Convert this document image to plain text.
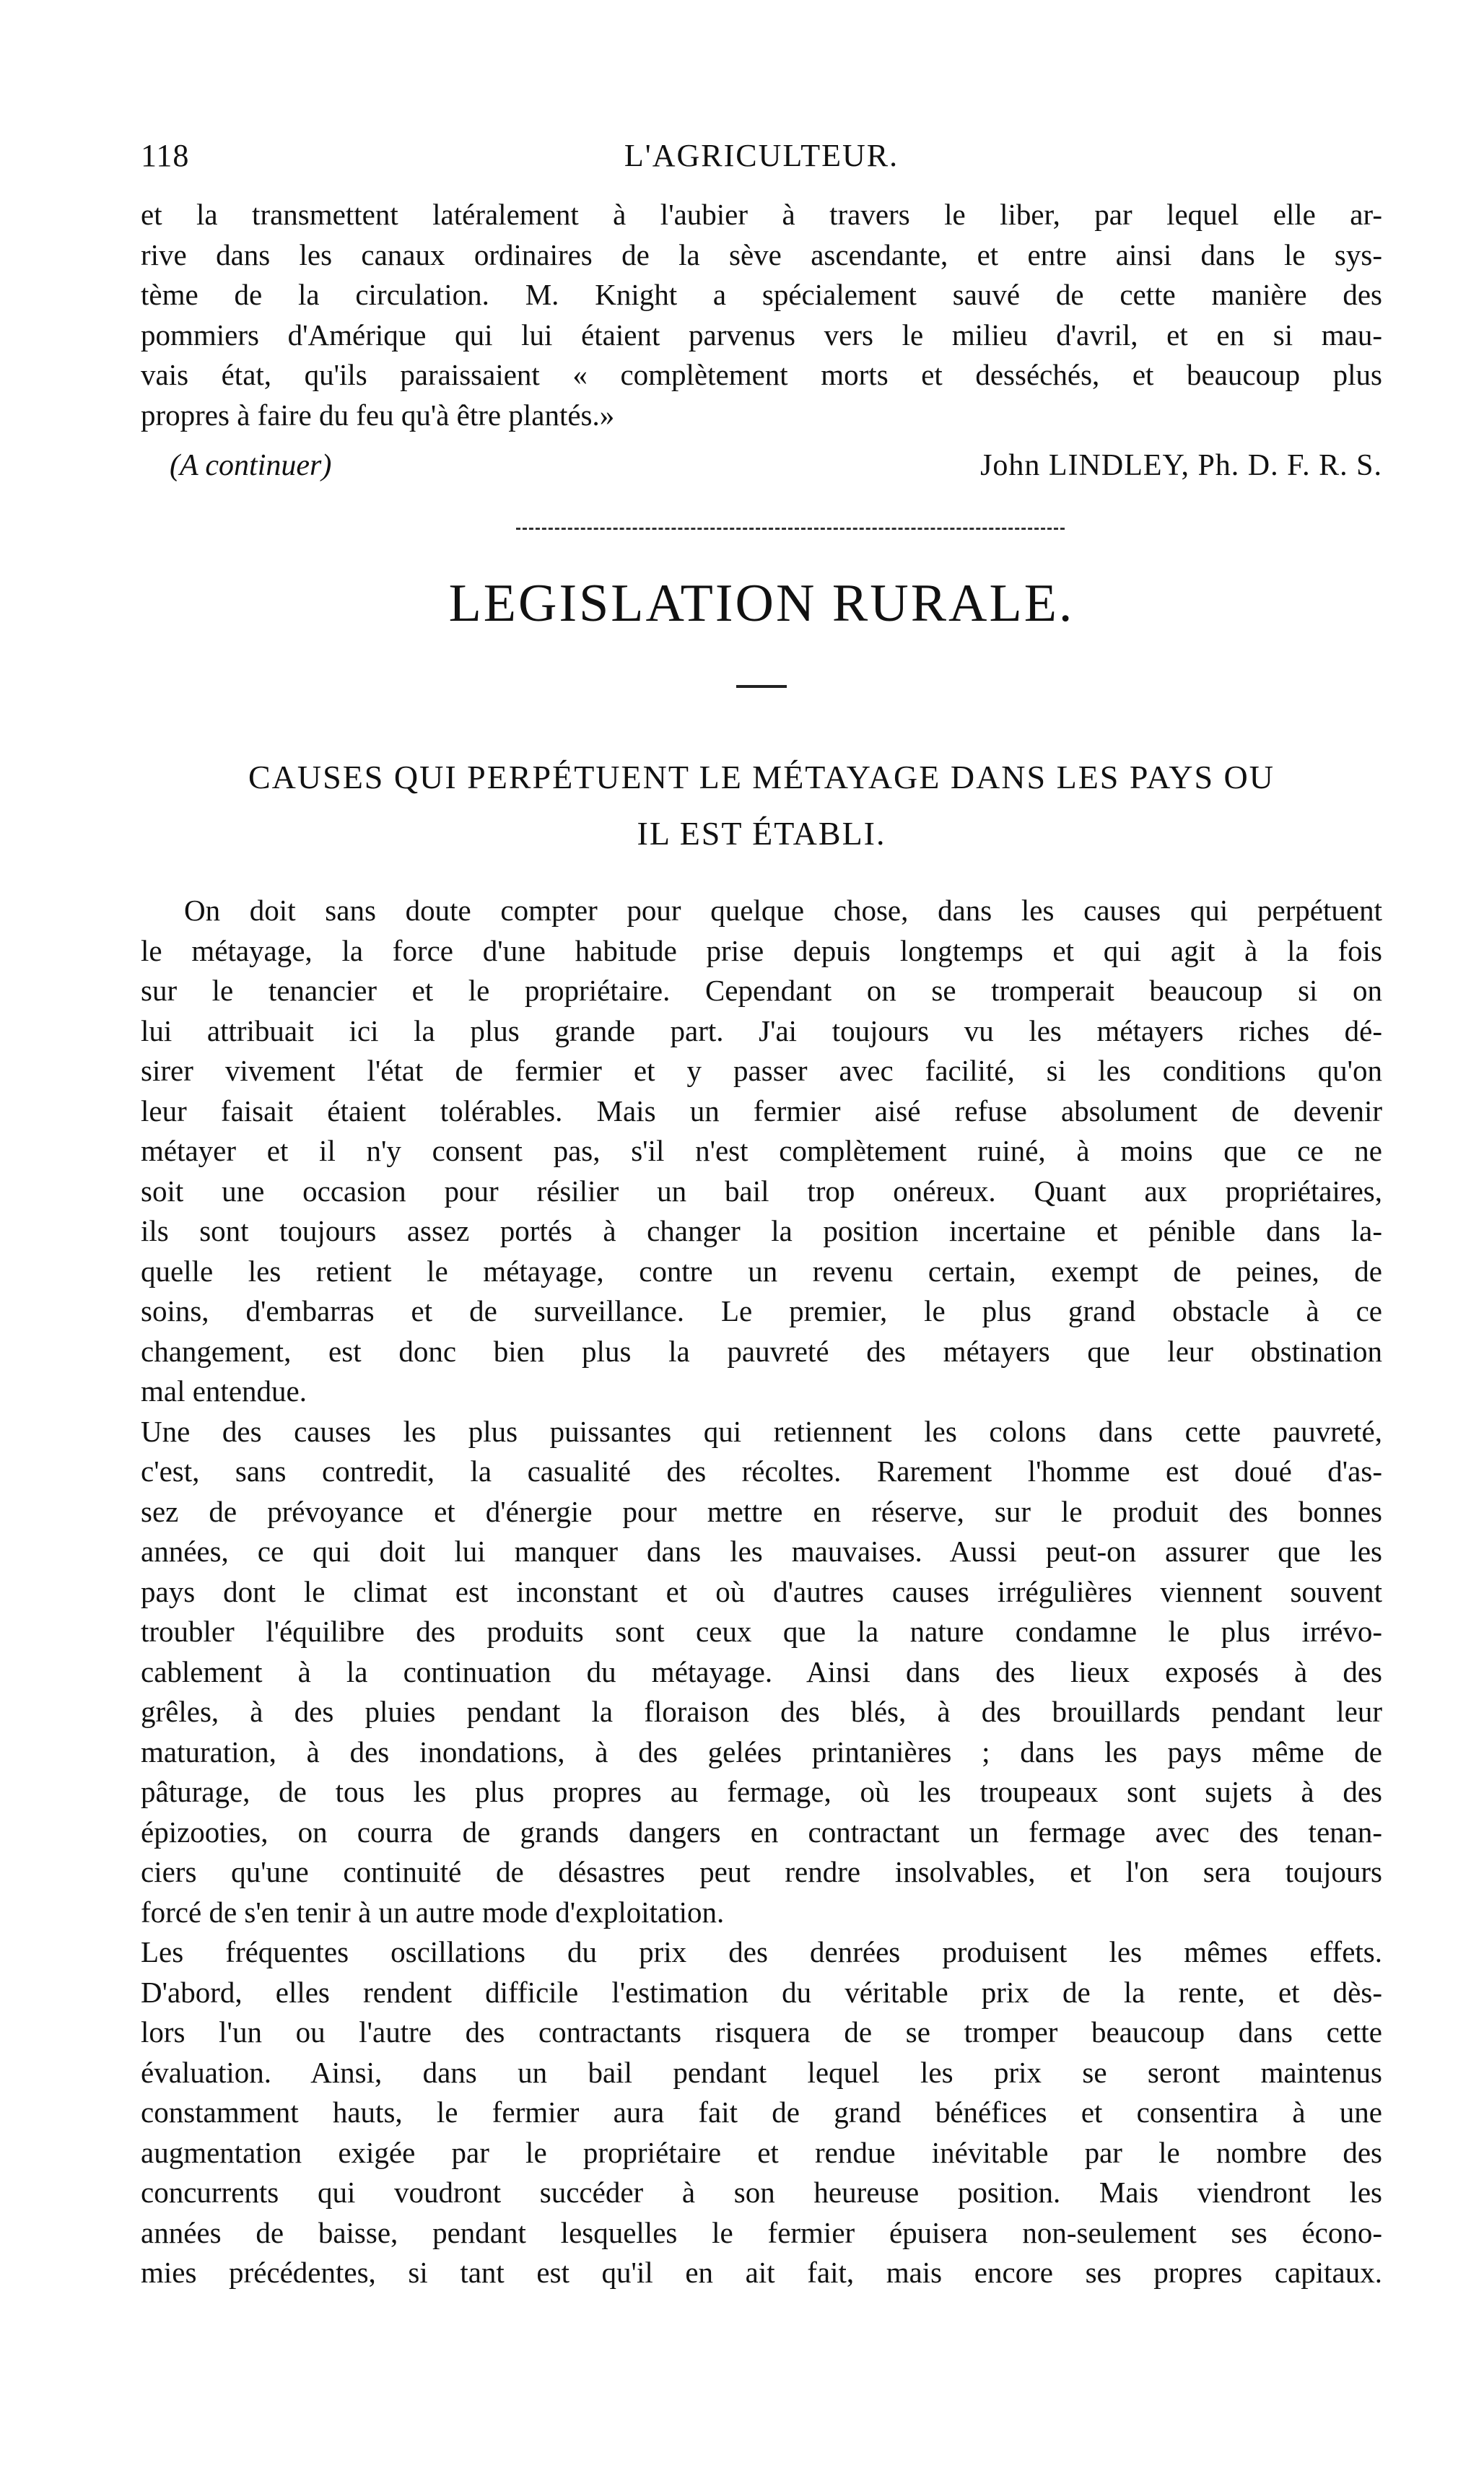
118	L'AGRICULTEUR.
et la transmettent latéralement à l'aubier à travers le liber, par lequel elle ar-
rive dans les canaux ordinaires de la sève ascendante, et entre ainsi dans le sys-
tème de la circulation. M. Knight a spécialement sauvé de cette manière des
pommiers d'Amérique qui lui étaient parvenus vers le milieu d'avril, et en si mau-
vais état, qu'ils paraissaient « complètement morts et desséchés, et beaucoup plus
propres à faire du feu qu'à être plantés.»
(A continuer)	John LINDLEY, Ph. D. F. R. S.
LEGISLATION RURALE.
CAUSES QUI PERPÉTUENT LE MÉTAYAGE DANS LES PAYS OU
IL EST ÉTABLI.
On doit sans doute compter pour quelque chose, dans les causes qui perpétuent
le métayage, la force d'une habitude prise depuis longtemps et qui agit à la fois
sur le tenancier et le propriétaire. Cependant on se tromperait beaucoup si on
lui attribuait ici la plus grande part. J'ai toujours vu les métayers riches dé-
sirer vivement l'état de fermier et y passer avec facilité, si les conditions qu'on
leur faisait étaient tolérables. Mais un fermier aisé refuse absolument de devenir
métayer et il n'y consent pas, s'il n'est complètement ruiné, à moins que ce ne
soit une occasion pour résilier un bail trop onéreux. Quant aux propriétaires,
ils sont toujours assez portés à changer la position incertaine et pénible dans la-
quelle les retient le métayage, contre un revenu certain, exempt de peines, de
soins, d'embarras et de surveillance. Le premier, le plus grand obstacle à ce
changement, est donc bien plus la pauvreté des métayers que leur obstination
mal entendue.
Une des causes les plus puissantes qui retiennent les colons dans cette pauvreté,
c'est, sans contredit, la casualité des récoltes. Rarement l'homme est doué d'as-
sez de prévoyance et d'énergie pour mettre en réserve, sur le produit des bonnes
années, ce qui doit lui manquer dans les mauvaises. Aussi peut-on assurer que les
pays dont le climat est inconstant et où d'autres causes irrégulières viennent souvent
troubler l'équilibre des produits sont ceux que la nature condamne le plus irrévo-
cablement à la continuation du métayage. Ainsi dans des lieux exposés à des
grêles, à des pluies pendant la floraison des blés, à des brouillards pendant leur
maturation, à des inondations, à des gelées printanières ; dans les pays même de
pâturage, de tous les plus propres au fermage, où les troupeaux sont sujets à des
épizooties, on courra de grands dangers en contractant un fermage avec des tenan-
ciers qu'une continuité de désastres peut rendre insolvables, et l'on sera toujours
forcé de s'en tenir à un autre mode d'exploitation.
Les fréquentes oscillations du prix des denrées produisent les mêmes effets.
D'abord, elles rendent difficile l'estimation du véritable prix de la rente, et dès-
lors l'un ou l'autre des contractants risquera de se tromper beaucoup dans cette
évaluation. Ainsi, dans un bail pendant lequel les prix se seront maintenus
constamment hauts, le fermier aura fait de grand bénéfices et consentira à une
augmentation exigée par le propriétaire et rendue inévitable par le nombre des
concurrents qui voudront succéder à son heureuse position. Mais viendront les
années de baisse, pendant lesquelles le fermier épuisera non-seulement ses écono-
mies précédentes, si tant est qu'il en ait fait, mais encore ses propres capitaux.
